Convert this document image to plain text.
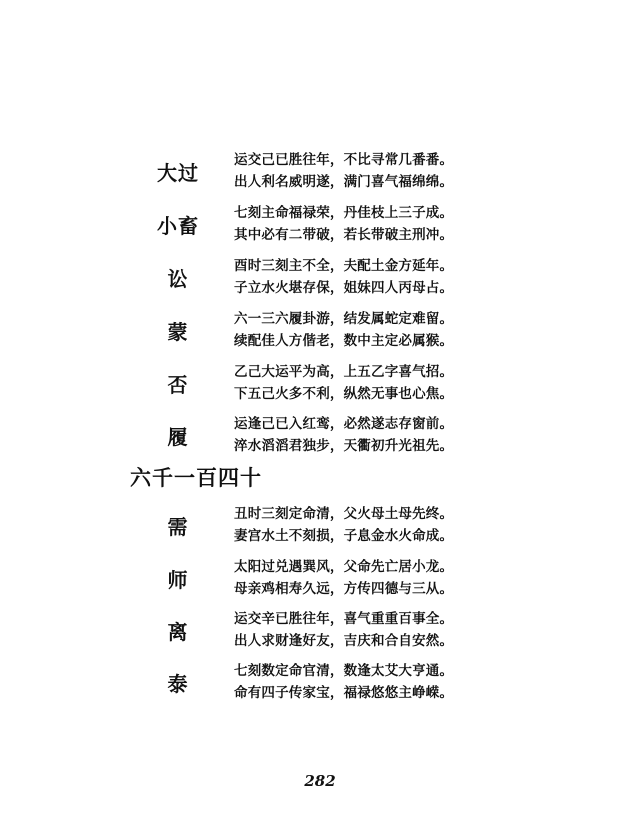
大过
运交己已胜往年，不比寻常几番番。
出人利名威明遂，满门喜气福绵绵。
小畜
七刻主命福禄荣，丹佳枝上三子成。
其中必有二带破，若长带破主刑冲。
讼
酉时三刻主不全，夫配土金方延年。
子立水火堪存保，姐妹四人丙母占。
蒙
六一三六履卦游，结发属蛇定难留。
续配佳人方偕老，数中主定必属猴。
否
乙己大运平为高，上五乙字喜气招。
下五己火多不利，纵然无事也心焦。
履
运逢己已入红鸾，必然遂志存窗前。
淬水滔滔君独步，天衢初升光祖先。
六千一百四十
需
丑时三刻定命清，父火母土母先终。
妻宫水土不刻损，子息金水火命成。
师
太阳过兑遇巽风，父命先亡居小龙。
母亲鸡相寿久远，方传四德与三从。
离
运交辛已胜往年，喜气重重百事全。
出人求财逢好友，吉庆和合自安然。
泰
七刻数定命官清，数逢太艾大亨通。
命有四子传家宝，福禄悠悠主峥嵘。
282
